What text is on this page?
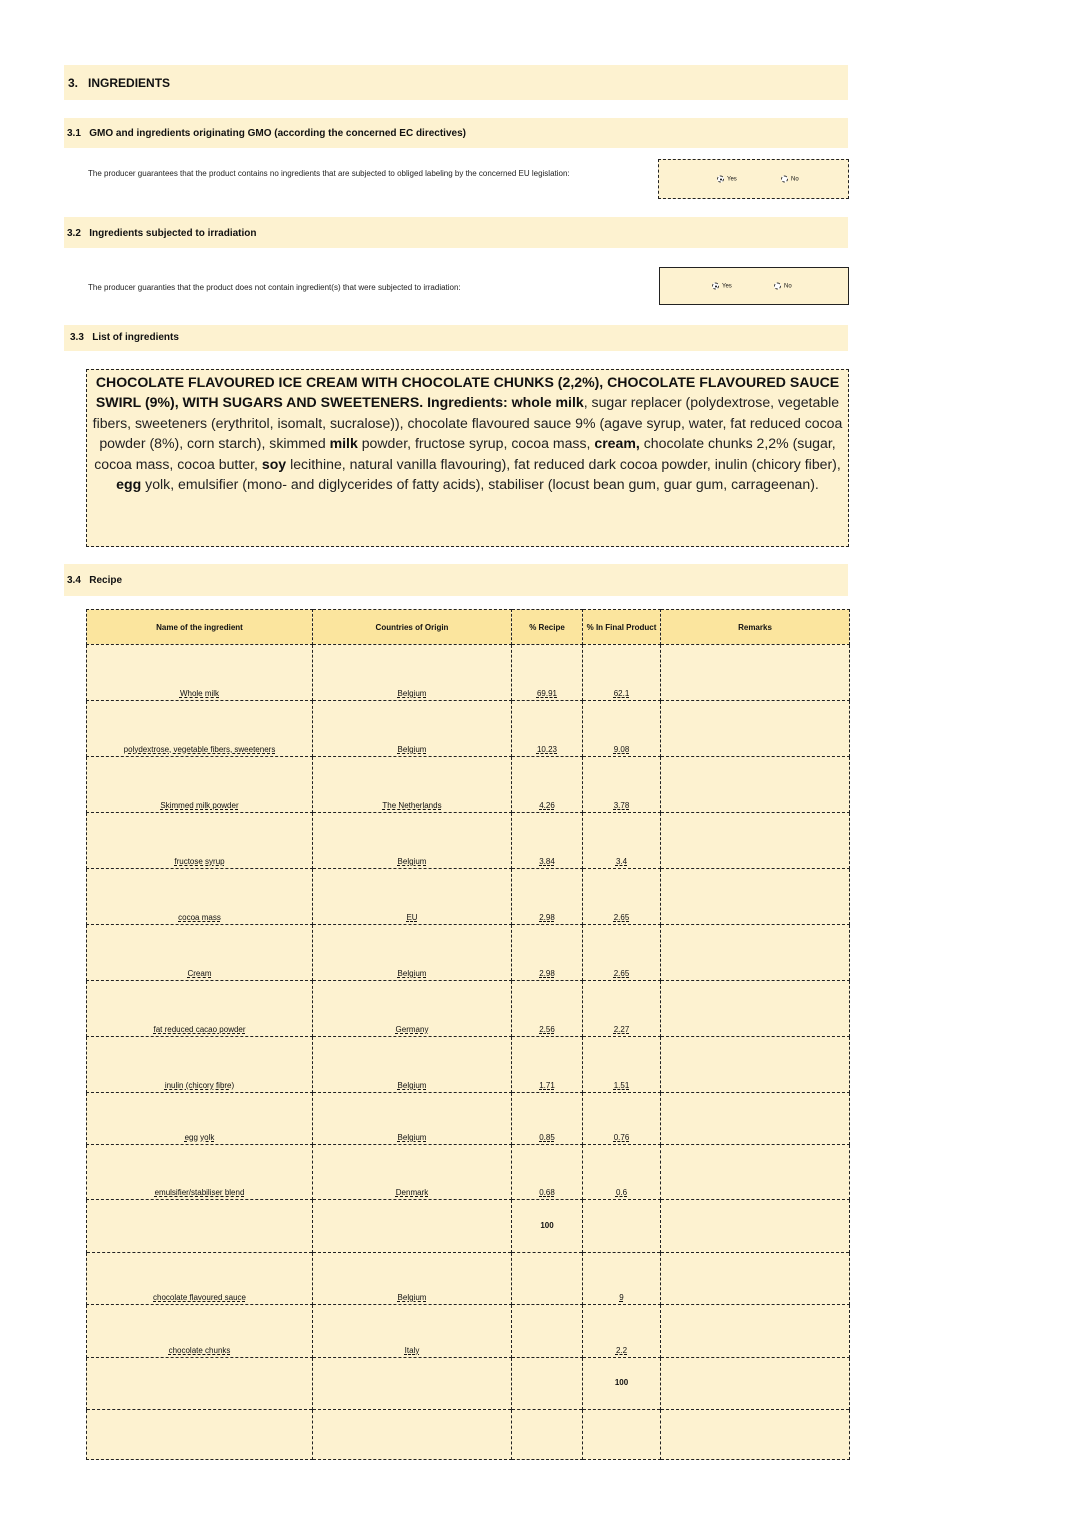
3. INGREDIENTS
3.1 GMO and ingredients originating GMO (according the concerned EC directives)
The producer guarantees that the product contains no ingredients that are subjected to obliged labeling by the concerned EU legislation:
Yes	No
3.2 Ingredients subjected to irradiation
The producer guaranties that the product does not contain ingredient(s) that were subjected to irradiation:	Yes	No
3.3 List of ingredients
CHOCOLATE FLAVOURED ICE CREAM WITH CHOCOLATE CHUNKS (2,2%), CHOCOLATE FLAVOURED SAUCE SWIRL (9%), WITH SUGARS AND SWEETENERS. Ingredients: whole milk, sugar replacer (polydextrose, vegetable fibers, sweeteners (erythritol, isomalt, sucralose)), chocolate flavoured sauce 9% (agave syrup, water, fat reduced cocoa powder (8%), corn starch), skimmed milk powder, fructose syrup, cocoa mass, cream, chocolate chunks 2,2% (sugar, cocoa mass, cocoa butter, soy lecithine, natural vanilla flavouring), fat reduced dark cocoa powder, inulin (chicory fiber), egg yolk, emulsifier (mono- and diglycerides of fatty acids), stabiliser (locust bean gum, guar gum, carrageenan).
3.4 Recipe
Name of the ingredient	Countries of Origin	% Recipe	% In Final Product	Remarks
Whole milk	Belgium	69.91	62.1	
polydextrose, vegetable fibers, sweeteners	Belgium	10.23	9.08	
Skimmed milk powder	The Netherlands	4.26	3.78	
fructose syrup	Belgium	3.84	3.4	
cocoa mass	EU	2.98	2.65	
Cream	Belgium	2.98	2.65	
fat reduced cacao powder	Germany	2.56	2.27	
inulin (chicory fibre)	Belgium	1.71	1.51	
egg yolk	Belgium	0.85	0.76	
emulsifier/stabiliser blend	Denmark	0.68	0.6	
		100		
chocolate flavoured sauce	Belgium		9	
chocolate chunks	Italy		2.2	
			100	
